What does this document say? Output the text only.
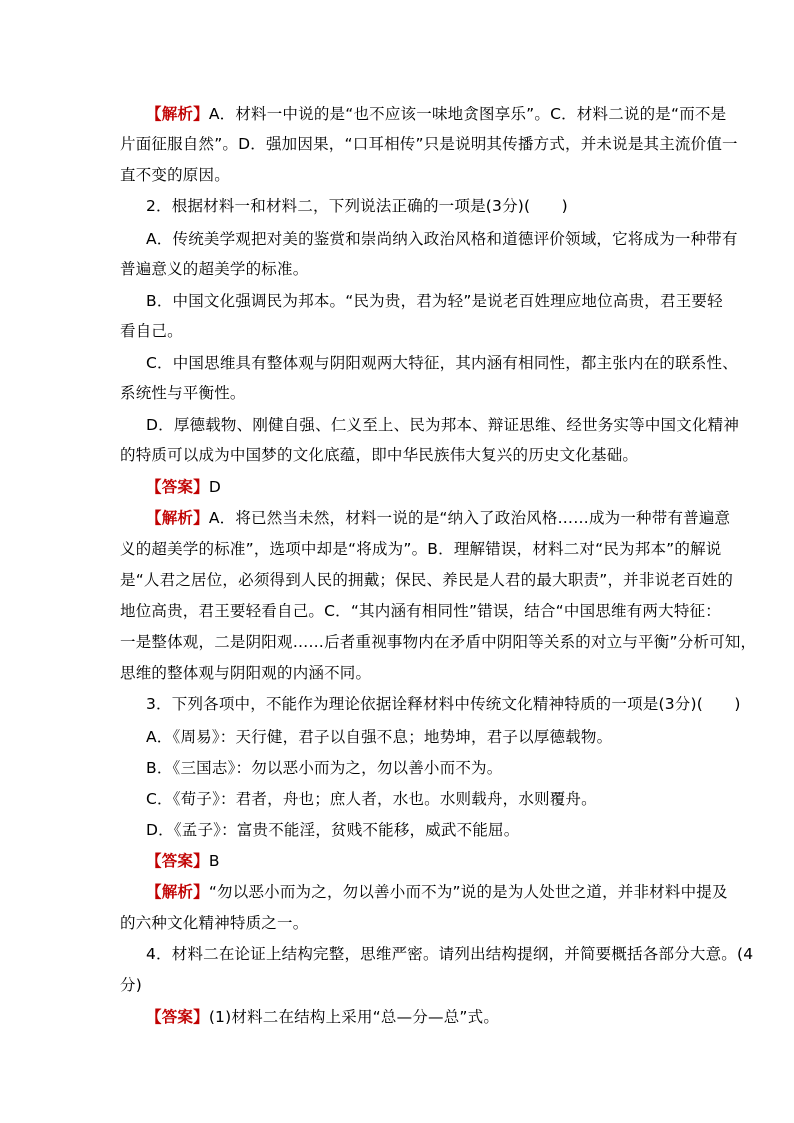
【解析】A．材料一中说的是“也不应该一味地贪图享乐”。C．材料二说的是“而不是
片面征服自然”。D．强加因果，“口耳相传”只是说明其传播方式，并未说是其主流价值一
直不变的原因。
2．根据材料一和材料二，下列说法正确的一项是(3分)(　　)
A．传统美学观把对美的鉴赏和崇尚纳入政治风格和道德评价领域，它将成为一种带有
普遍意义的超美学的标准。
B．中国文化强调民为邦本。“民为贵，君为轻”是说老百姓理应地位高贵，君王要轻
看自己。
C．中国思维具有整体观与阴阳观两大特征，其内涵有相同性，都主张内在的联系性、
系统性与平衡性。
D．厚德载物、刚健自强、仁义至上、民为邦本、辩证思维、经世务实等中国文化精神
的特质可以成为中国梦的文化底蕴，即中华民族伟大复兴的历史文化基础。
【答案】D
【解析】A．将已然当未然，材料一说的是“纳入了政治风格……成为一种带有普遍意
义的超美学的标准”，选项中却是“将成为”。B．理解错误，材料二对“民为邦本”的解说
是“人君之居位，必须得到人民的拥戴；保民、养民是人君的最大职责”，并非说老百姓的
地位高贵，君王要轻看自己。C．“其内涵有相同性”错误，结合“中国思维有两大特征：
一是整体观，二是阴阳观……后者重视事物内在矛盾中阴阳等关系的对立与平衡”分析可知，
思维的整体观与阴阳观的内涵不同。
3．下列各项中，不能作为理论依据诠释材料中传统文化精神特质的一项是(3分)(　　)
A．《周易》：天行健，君子以自强不息；地势坤，君子以厚德载物。
B．《三国志》：勿以恶小而为之，勿以善小而不为。
C．《荀子》：君者，舟也；庶人者，水也。水则载舟，水则覆舟。
D．《孟子》：富贵不能淫，贫贱不能移，威武不能屈。
【答案】B
【解析】“勿以恶小而为之，勿以善小而不为”说的是为人处世之道，并非材料中提及
的六种文化精神特质之一。
4．材料二在论证上结构完整，思维严密。请列出结构提纲，并简要概括各部分大意。(4
分)
【答案】(1)材料二在结构上采用“总—分—总”式。
